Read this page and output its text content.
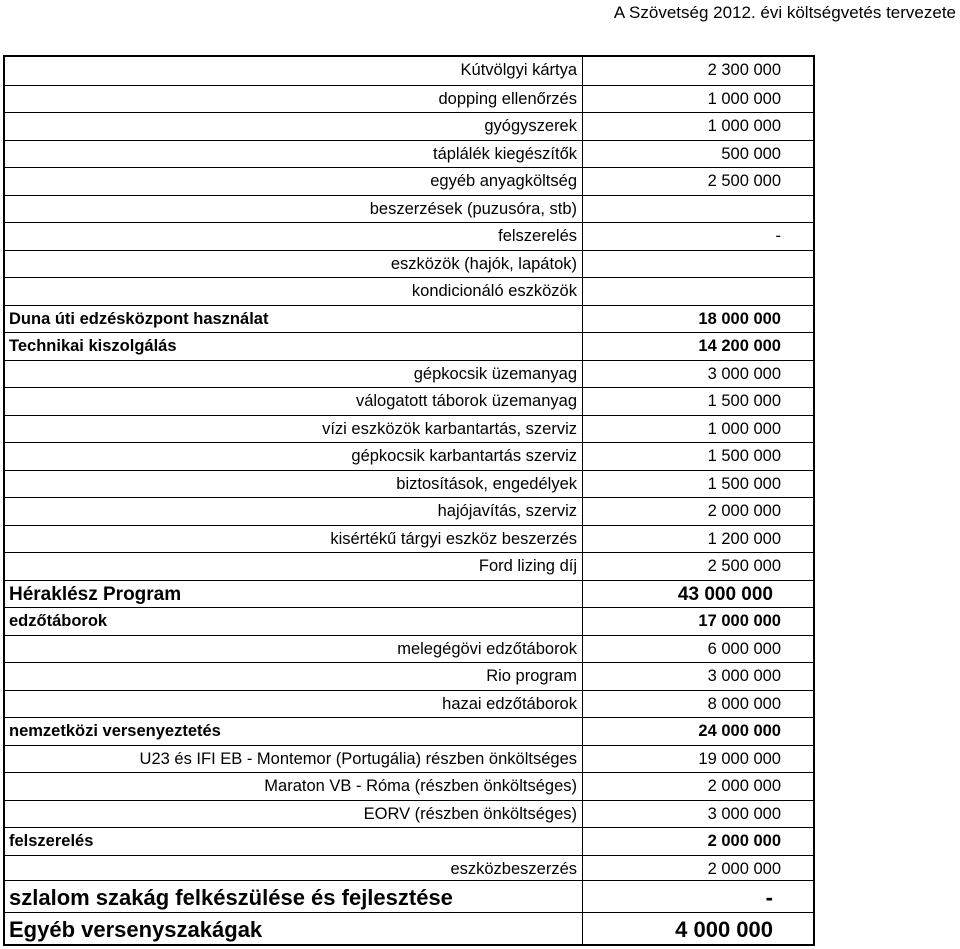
A Szövetség 2012. évi költségvetés tervezete
Kútvölgyi kártya	2 300 000
dopping ellenőrzés	1 000 000
gyógyszerek	1 000 000
táplálék kiegészítők	500 000
egyéb anyagköltség	2 500 000
beszerzések (puzusóra, stb)
felszerelés	-
eszközök (hajók, lapátok)
kondicionáló eszközök
Duna úti edzésközpont használat	18 000 000
Technikai kiszolgálás	14 200 000
gépkocsik üzemanyag	3 000 000
válogatott táborok üzemanyag	1 500 000
vízi eszközök karbantartás, szerviz	1 000 000
gépkocsik karbantartás szerviz	1 500 000
biztosítások, engedélyek	1 500 000
hajójavítás, szerviz	2 000 000
kisértékű tárgyi eszköz beszerzés	1 200 000
Ford lizing díj	2 500 000
Héraklész Program	43 000 000
edzőtáborok	17 000 000
melegégövi edzőtáborok	6 000 000
Rio program	3 000 000
hazai edzőtáborok	8 000 000
nemzetközi versenyeztetés	24 000 000
U23 és IFI EB - Montemor (Portugália) részben önköltséges	19 000 000
Maraton VB - Róma (részben önköltséges)	2 000 000
EORV (részben önköltséges)	3 000 000
felszerelés	2 000 000
eszközbeszerzés	2 000 000
szlalom szakág felkészülése és fejlesztése	-
Egyéb versenyszakágak	4 000 000
